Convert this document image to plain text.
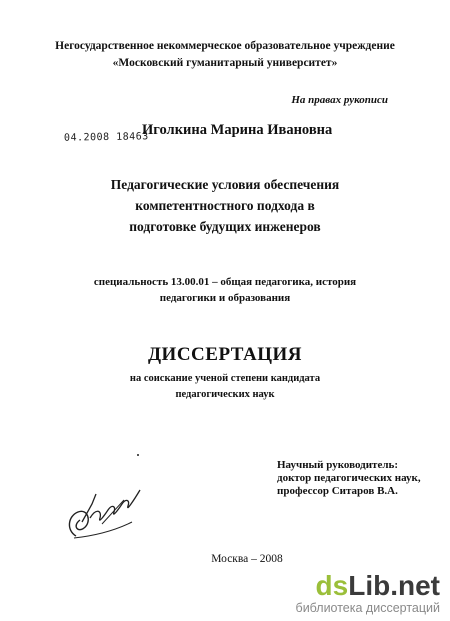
Негосударственное некоммерческое образовательное учреждение
«Московский гуманитарный университет»
На правах рукописи
04.2008 18463
Иголкина Марина Ивановна
Педагогические условия обеспечения
компетентностного подхода в
подготовке будущих инженеров
специальность 13.00.01 – общая педагогика, история
педагогики и образования
ДИССЕРТАЦИЯ
на соискание ученой степени кандидата
педагогических наук
Научный руководитель:
доктор педагогических наук,
профессор Ситаров В.А.
Москва – 2008
dsLib.net
библиотека диссертаций
